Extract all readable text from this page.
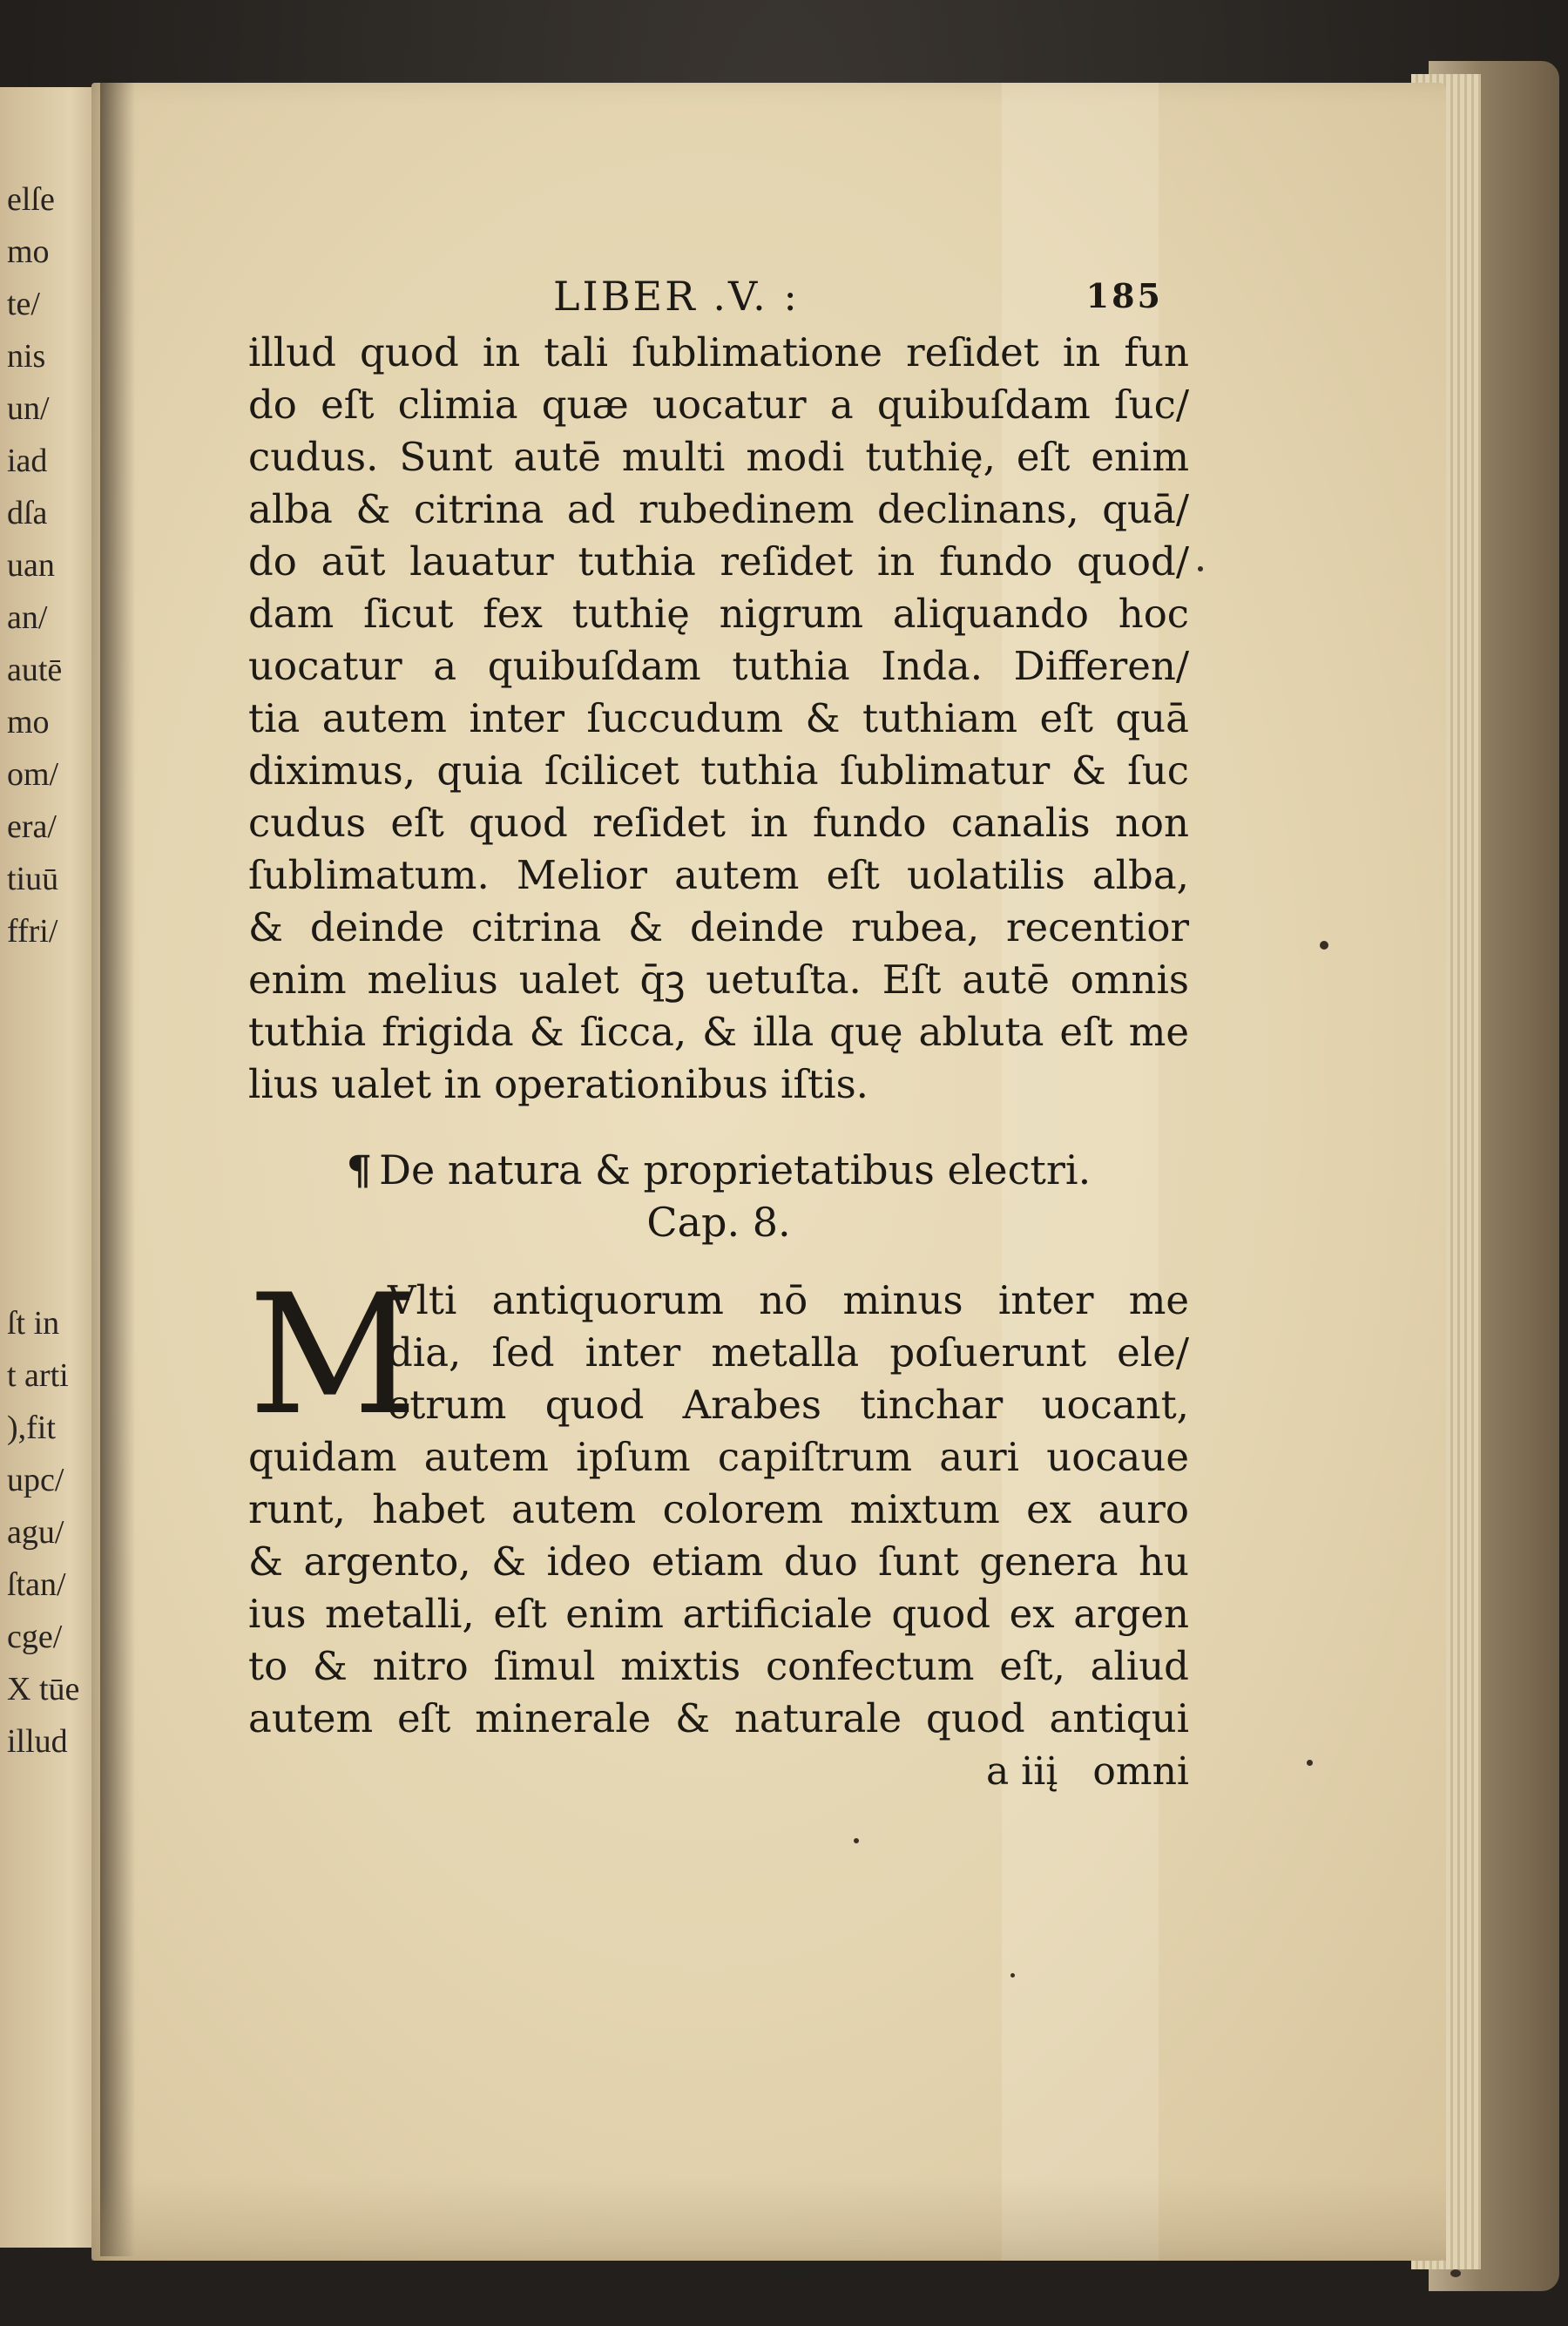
elſe
mo
te/
nis
un/
iad
dſa
uan
an/
autē
mo
om/
era/
tiuū
ffri/
ſt in
t arti
),fit
upc/
agu/
ſtan/
cge/
X tūe
illud
LIBER .V. :	185
illud quod in tali ſublimatione reſidet in fun
do eſt climia quæ uocatur a quibuſdam ſuc/
cudus. Sunt autē multi modi tuthię, eſt enim
alba & citrina ad rubedinem declinans, quā/
do aūt lauatur tuthia reſidet in fundo quod/
dam ſicut fex tuthię nigrum aliquando hoc
uocatur a quibuſdam tuthia Inda. Differen/
tia autem inter ſuccudum & tuthiam eſt quā
diximus, quia ſcilicet tuthia ſublimatur & ſuc
cudus eſt quod reſidet in fundo canalis non
ſublimatum. Melior autem eſt uolatilis alba,
& deinde citrina & deinde rubea, recentior
enim melius ualet q̄ꝫ uetuſta. Eſt autē omnis
tuthia frigida & ſicca, & illa quę abluta eſt me
lius ualet in operationibus iſtis.
¶ De natura & proprietatibus electri.
Cap. 8.
M
Vlti antiquorum nō minus inter me
dia, ſed inter metalla poſuerunt ele/
ctrum quod Arabes tinchar uocant,
quidam autem ipſum capiſtrum auri uocaue
runt, habet autem colorem mixtum ex auro
& argento, & ideo etiam duo ſunt genera hu
ius metalli, eſt enim artificiale quod ex argen
to & nitro ſimul mixtis confectum eſt, aliud
autem eſt minerale & naturale quod antiqui
a iiį omni
